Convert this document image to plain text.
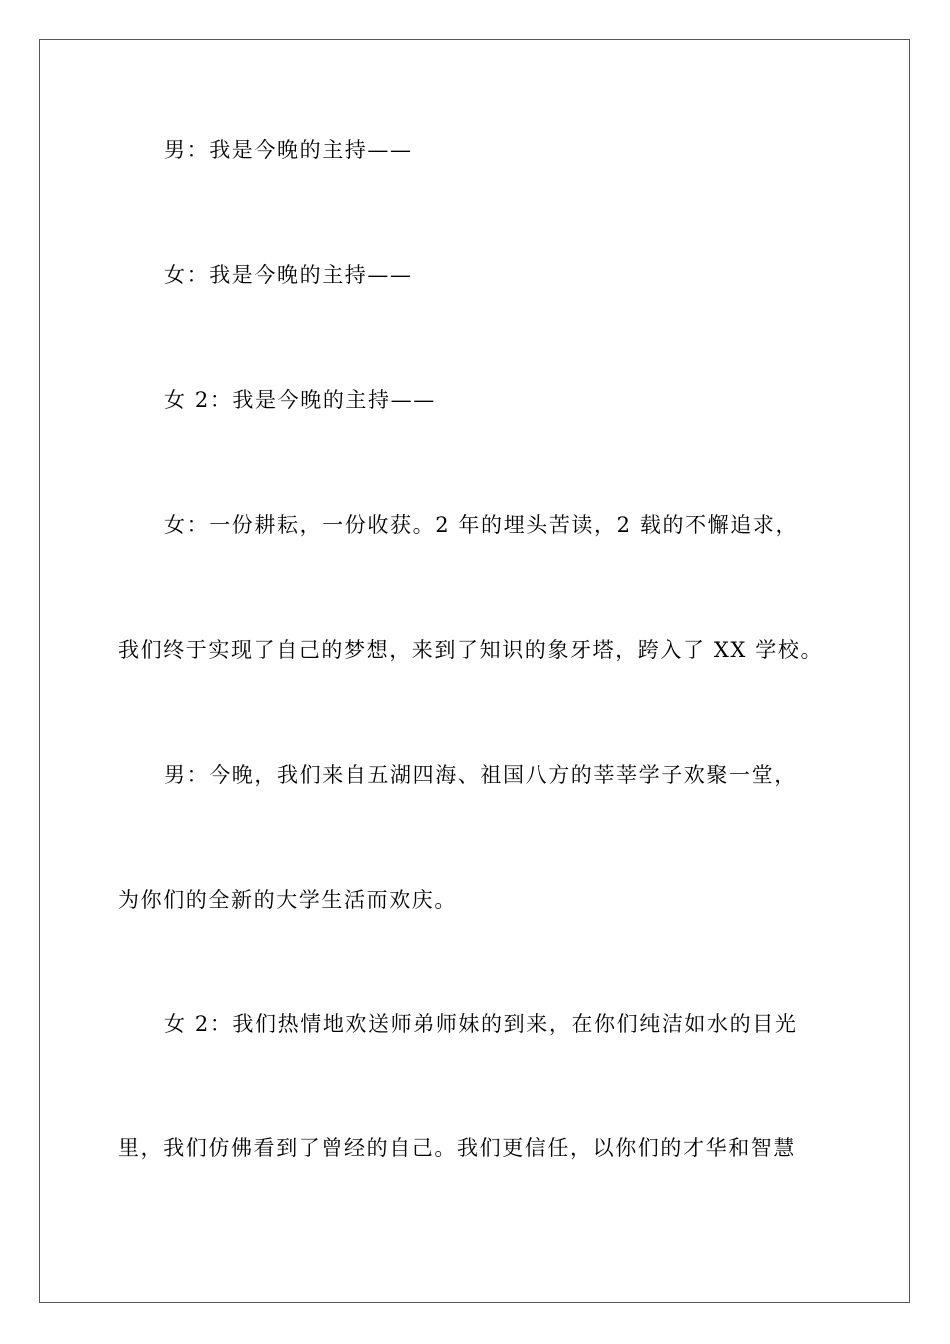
男：我是今晚的主持——
女：我是今晚的主持——
女 2：我是今晚的主持——
女：一份耕耘，一份收获。2 年的埋头苦读，2 载的不懈追求，
我们终于实现了自己的梦想，来到了知识的象牙塔，跨入了 XX 学校。
男：今晚，我们来自五湖四海、祖国八方的莘莘学子欢聚一堂，
为你们的全新的大学生活而欢庆。
女 2：我们热情地欢送师弟师妹的到来，在你们纯洁如水的目光
里，我们仿佛看到了曾经的自己。我们更信任，以你们的才华和智慧
